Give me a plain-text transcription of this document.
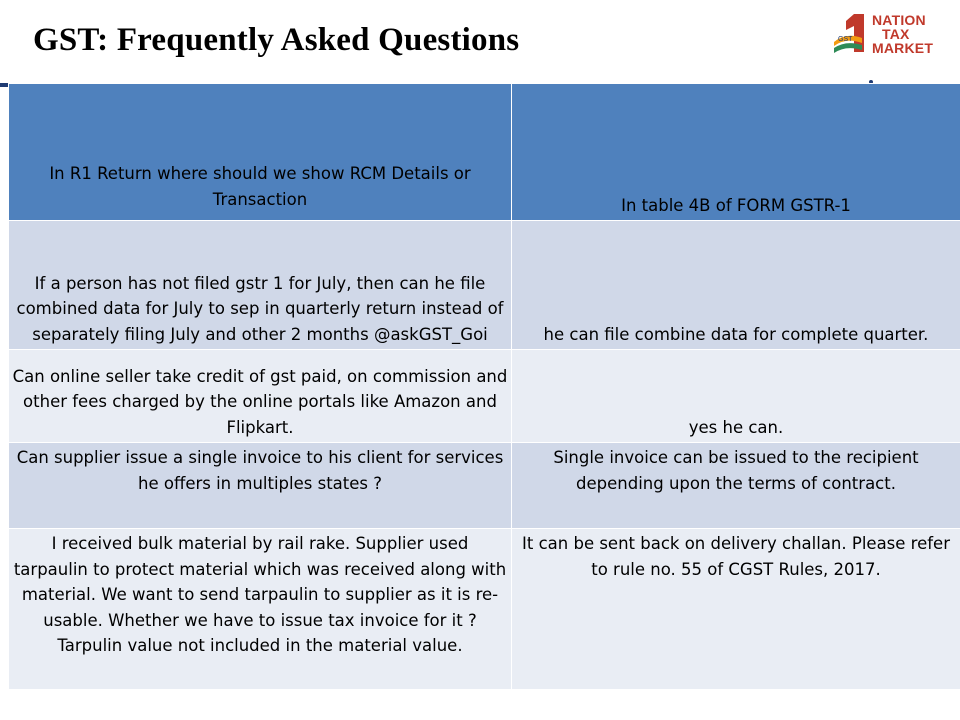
GST: Frequently Asked Questions	GST
NATION
TAX
MARKET
In R1 Return where should we show RCM Details or Transaction	In table 4B of FORM GSTR-1
If a person has not filed gstr 1 for July, then can he file combined data for July to sep in quarterly return instead of separately filing July and other 2 months @askGST_Goi	he can file combine data for complete quarter.
Can online seller take credit of gst paid, on commission and other fees charged by the online portals like Amazon and Flipkart.	yes he can.
Can supplier issue a single invoice to his client for services he offers in multiples states ?	Single invoice can be issued to the recipient depending upon the terms of contract.
I received bulk material by rail rake. Supplier used tarpaulin to protect material which was received along with material. We want to send tarpaulin to supplier as it is re-usable. Whether we have to issue tax invoice for it ? Tarpulin value not included in the material value.	It can be sent back on delivery challan. Please refer to rule no. 55 of CGST Rules, 2017.
